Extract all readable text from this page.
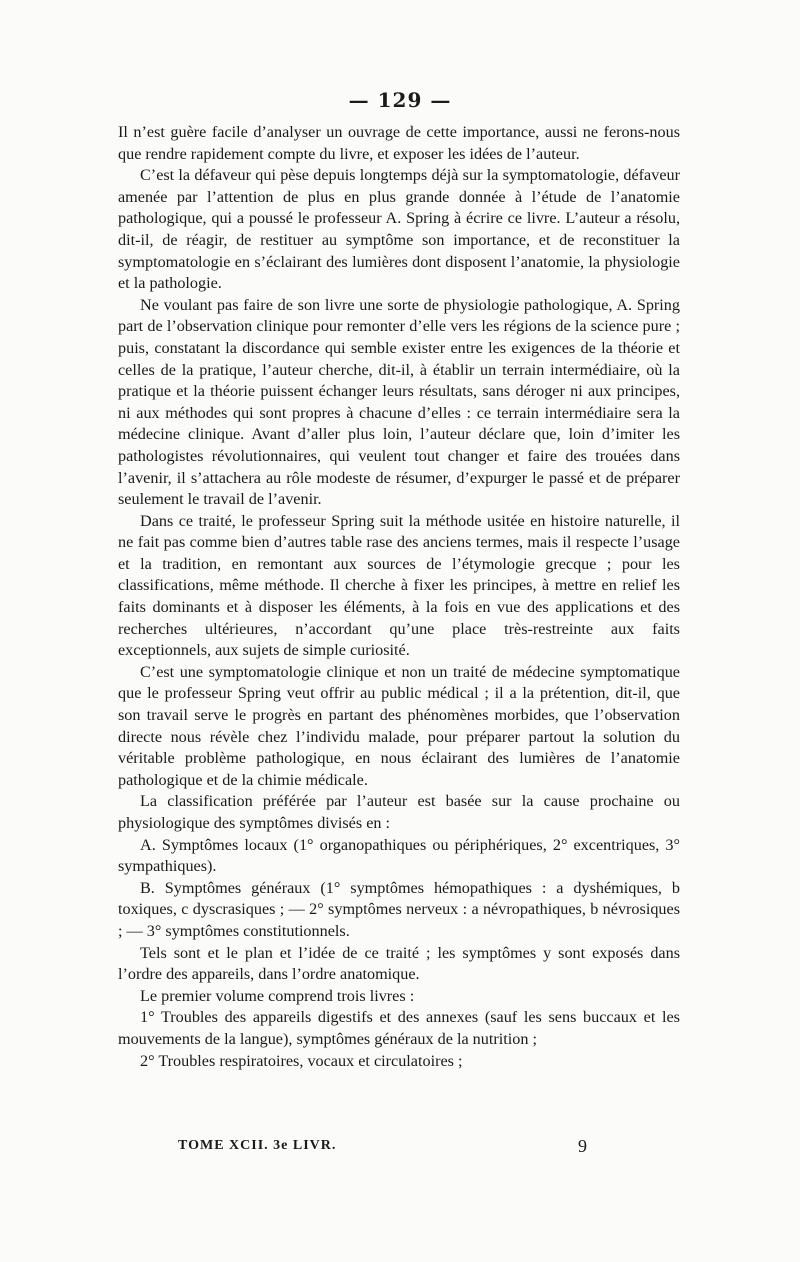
— 129 —

Il n’est guère facile d’analyser un ouvrage de cette importance, aussi ne ferons-nous que rendre rapidement compte du livre, et exposer les idées de l’auteur.

C’est la défaveur qui pèse depuis longtemps déjà sur la symptomatologie, défaveur amenée par l’attention de plus en plus grande donnée à l’étude de l’anatomie pathologique, qui a poussé le professeur A. Spring à écrire ce livre. L’auteur a résolu, dit-il, de réagir, de restituer au symptôme son importance, et de reconstituer la symptomatologie en s’éclairant des lumières dont disposent l’anatomie, la physiologie et la pathologie.

Ne voulant pas faire de son livre une sorte de physiologie pathologique, A. Spring part de l’observation clinique pour remonter d’elle vers les régions de la science pure ; puis, constatant la discordance qui semble exister entre les exigences de la théorie et celles de la pratique, l’auteur cherche, dit-il, à établir un terrain intermédiaire, où la pratique et la théorie puissent échanger leurs résultats, sans déroger ni aux principes, ni aux méthodes qui sont propres à chacune d’elles : ce terrain intermédiaire sera la médecine clinique. Avant d’aller plus loin, l’auteur déclare que, loin d’imiter les pathologistes révolutionnaires, qui veulent tout changer et faire des trouées dans l’avenir, il s’attachera au rôle modeste de résumer, d’expurger le passé et de préparer seulement le travail de l’avenir.

Dans ce traité, le professeur Spring suit la méthode usitée en histoire naturelle, il ne fait pas comme bien d’autres table rase des anciens termes, mais il respecte l’usage et la tradition, en remontant aux sources de l’étymologie grecque ; pour les classifications, même méthode. Il cherche à fixer les principes, à mettre en relief les faits dominants et à disposer les éléments, à la fois en vue des applications et des recherches ultérieures, n’accordant qu’une place très-restreinte aux faits exceptionnels, aux sujets de simple curiosité.

C’est une symptomatologie clinique et non un traité de médecine symptomatique que le professeur Spring veut offrir au public médical ; il a la prétention, dit-il, que son travail serve le progrès en partant des phénomènes morbides, que l’observation directe nous révèle chez l’individu malade, pour préparer partout la solution du véritable problème pathologique, en nous éclairant des lumières de l’anatomie pathologique et de la chimie médicale.

La classification préférée par l’auteur est basée sur la cause prochaine ou physiologique des symptômes divisés en :

A. Symptômes locaux (1° organopathiques ou périphériques, 2° excentriques, 3° sympathiques).

B. Symptômes généraux (1° symptômes hémopathiques : a dyshémiques, b toxiques, c dyscrasiques ; — 2° symptômes nerveux : a névropathiques, b névrosiques ; — 3° symptômes constitutionnels.

Tels sont et le plan et l’idée de ce traité ; les symptômes y sont exposés dans l’ordre des appareils, dans l’ordre anatomique.

Le premier volume comprend trois livres :

1° Troubles des appareils digestifs et des annexes (sauf les sens buccaux et les mouvements de la langue), symptômes généraux de la nutrition ;

2° Troubles respiratoires, vocaux et circulatoires ;

TOME XCII. 3e LIVR.	9
